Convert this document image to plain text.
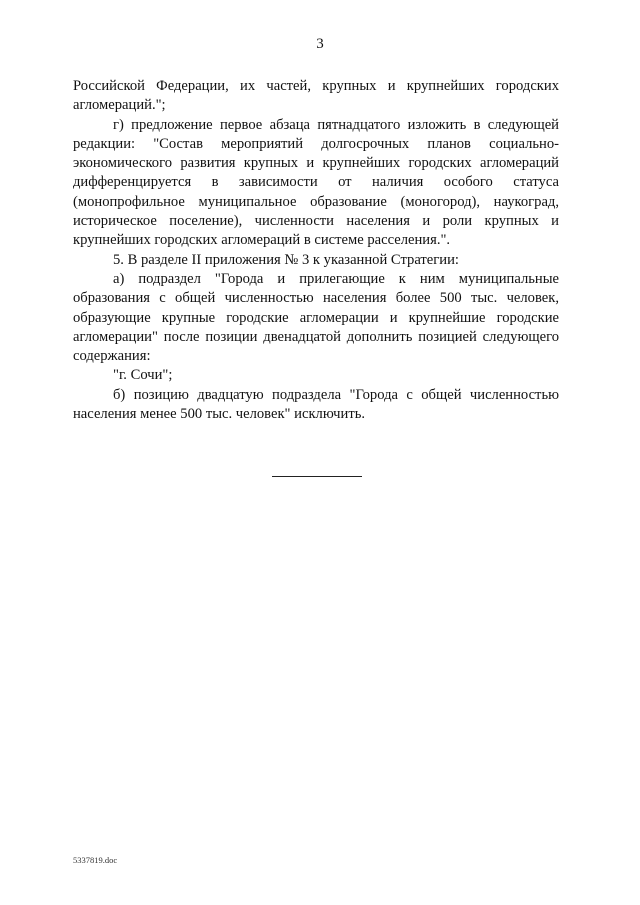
3

Российской Федерации, их частей, крупных и крупнейших городских агломераций.";

г) предложение первое абзаца пятнадцатого изложить в следующей редакции: "Состав мероприятий долгосрочных планов социально-экономического развития крупных и крупнейших городских агломераций дифференцируется в зависимости от наличия особого статуса (монопрофильное муниципальное образование (моногород), наукоград, историческое поселение), численности населения и роли крупных и крупнейших городских агломераций в системе расселения.".

5. В разделе II приложения № 3 к указанной Стратегии:

а) подраздел "Города и прилегающие к ним муниципальные образования с общей численностью населения более 500 тыс. человек, образующие крупные городские агломерации и крупнейшие городские агломерации" после позиции двенадцатой дополнить позицией следующего содержания:

"г. Сочи";

б) позицию двадцатую подраздела "Города с общей численностью населения менее 500 тыс. человек" исключить.

5337819.doc
